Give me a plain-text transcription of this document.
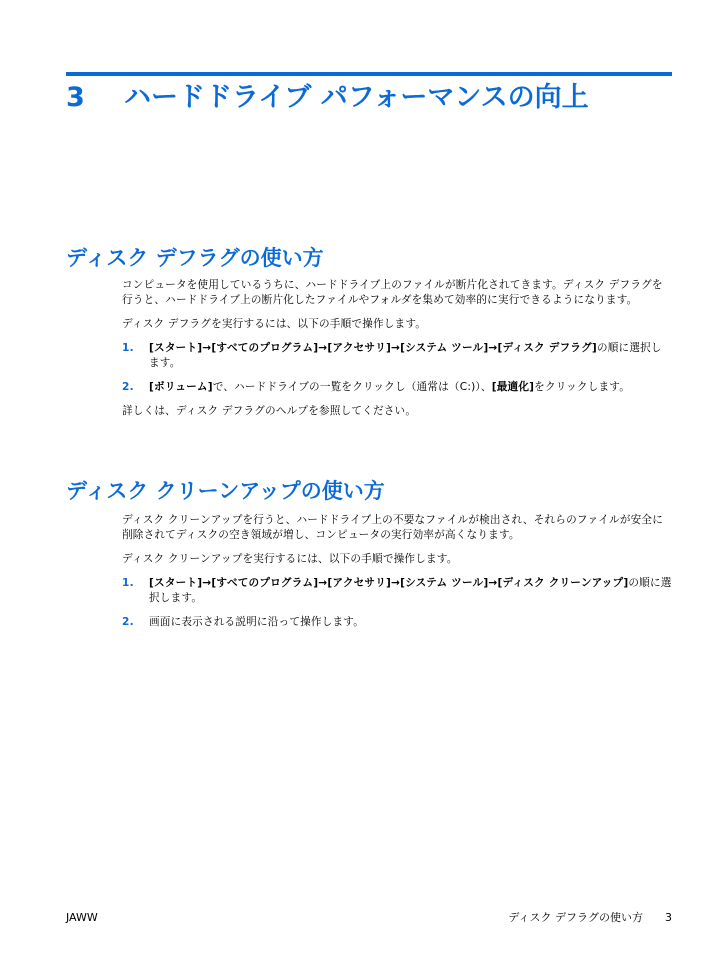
3 ハードドライブ パフォーマンスの向上
ディスク デフラグの使い方

コンピュータを使用しているうちに、ハードドライブ上のファイルが断片化されてきます。ディスク デフラグを行うと、ハードドライブ上の断片化したファイルやフォルダを集めて効率的に実行できるようになります。

ディスク デフラグを実行するには、以下の手順で操作します。

1. [スタート]→[すべてのプログラム]→[アクセサリ]→[システム ツール]→[ディスク デフラグ]の順に選択します。
2. [ボリューム]で、ハードドライブの一覧をクリックし（通常は（C:)）、[最適化]をクリックします。

詳しくは、ディスク デフラグのヘルプを参照してください。

ディスク クリーンアップの使い方

ディスク クリーンアップを行うと、ハードドライブ上の不要なファイルが検出され、それらのファイルが安全に削除されてディスクの空き領域が増し、コンピュータの実行効率が高くなります。

ディスク クリーンアップを実行するには、以下の手順で操作します。

1. [スタート]→[すべてのプログラム]→[アクセサリ]→[システム ツール]→[ディスク クリーンアップ]の順に選択します。
2. 画面に表示される説明に沿って操作します。
JAWW	ディスク デフラグの使い方 3
